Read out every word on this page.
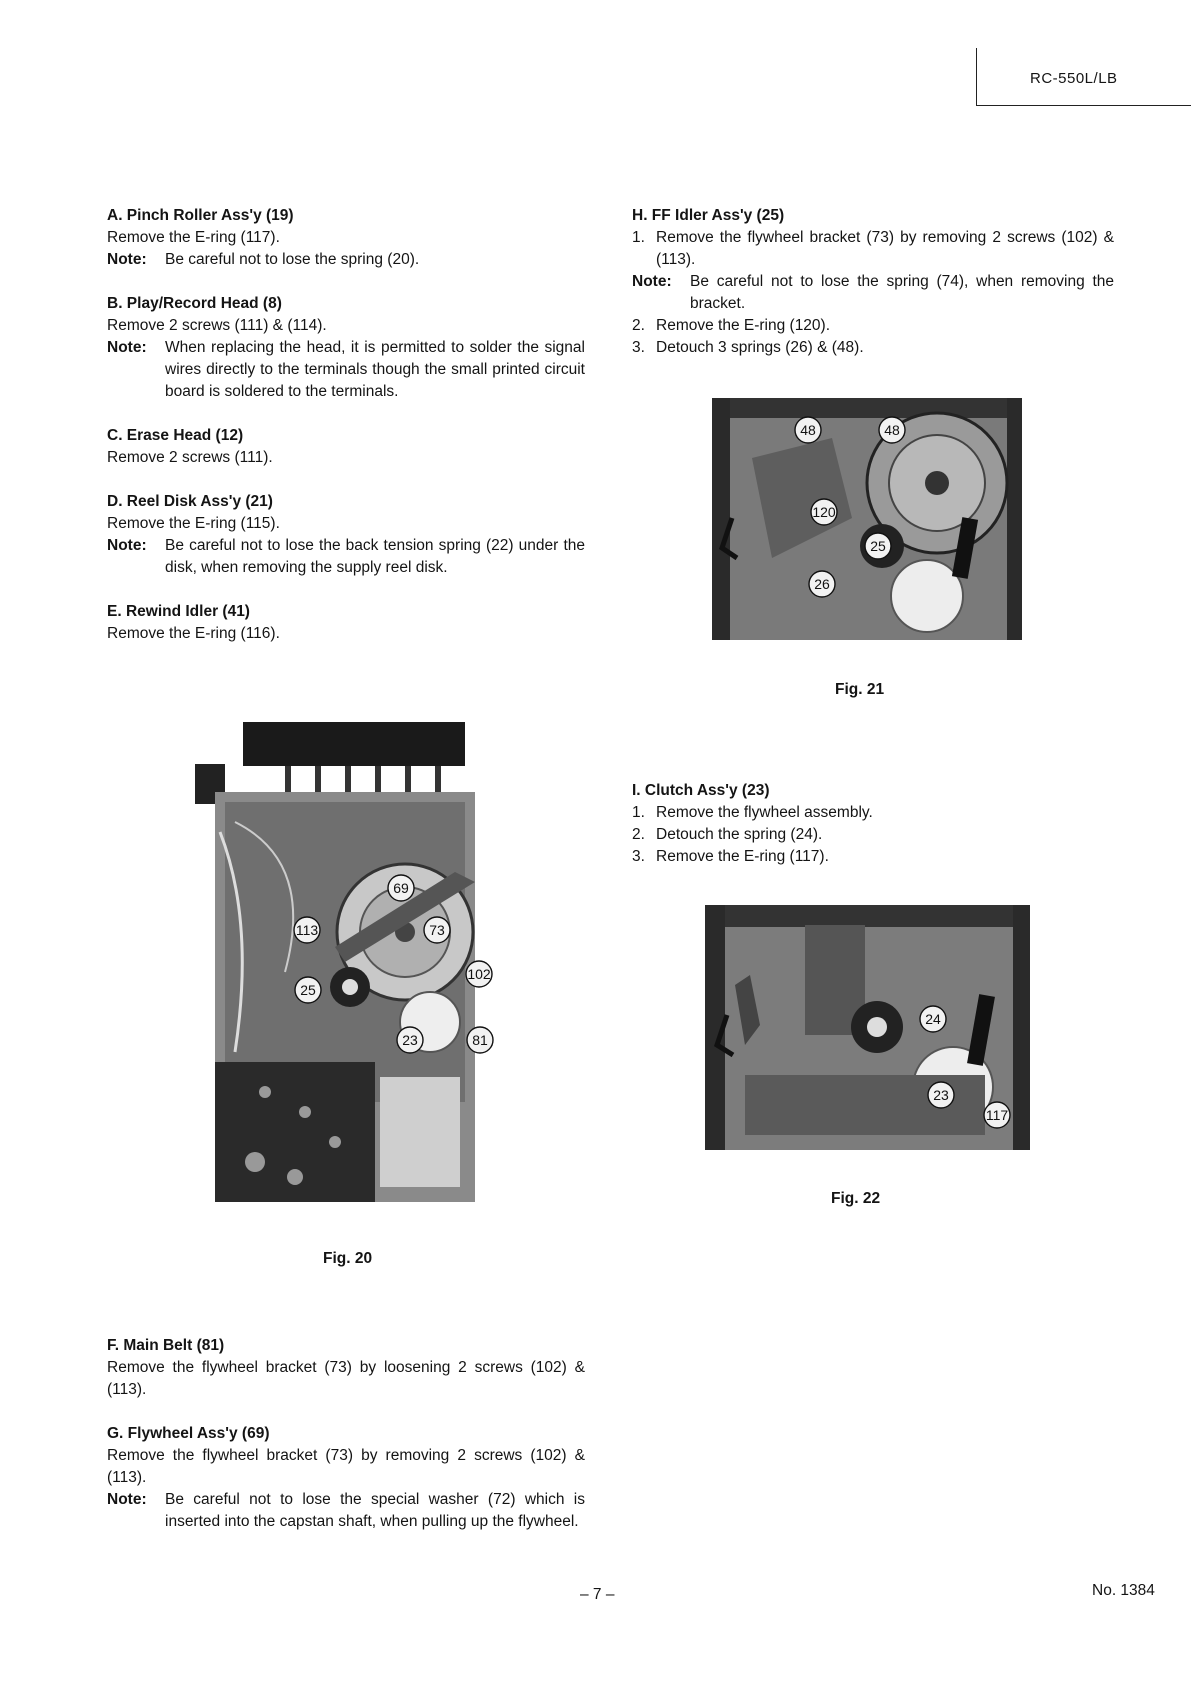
RC-550L/LB
A. Pinch Roller Ass'y (19)
Remove the E-ring (117).
Note:	Be careful not to lose the spring (20).
B. Play/Record Head (8)
Remove 2 screws (111) & (114).
Note:	When replacing the head, it is permitted to solder the signal wires directly to the terminals though the small printed circuit board is soldered to the terminals.
C. Erase Head (12)
Remove 2 screws (111).
D. Reel Disk Ass'y (21)
Remove the E-ring (115).
Note:	Be careful not to lose the back tension spring (22) under the disk, when removing the supply reel disk.
E. Rewind Idler (41)
Remove the E-ring (116).
69
113	73
102
25
23	81
Fig. 20
F. Main Belt (81)
Remove the flywheel bracket (73) by loosening 2 screws (102) & (113).
G. Flywheel Ass'y (69)
Remove the flywheel bracket (73) by removing 2 screws (102) & (113).
Note:	Be careful not to lose the special washer (72) which is inserted into the capstan shaft, when pulling up the flywheel.
H. FF Idler Ass'y (25)
1. Remove the flywheel bracket (73) by removing 2 screws (102) & (113).
Note:	Be careful not to lose the spring (74), when removing the bracket.
2. Remove the E-ring (120).
3. Detouch 3 springs (26) & (48).
48	48
120
25
26
Fig. 21
I. Clutch Ass'y (23)
1. Remove the flywheel assembly.
2. Detouch the spring (24).
3. Remove the E-ring (117).
24
23
117
Fig. 22
– 7 –	No. 1384
